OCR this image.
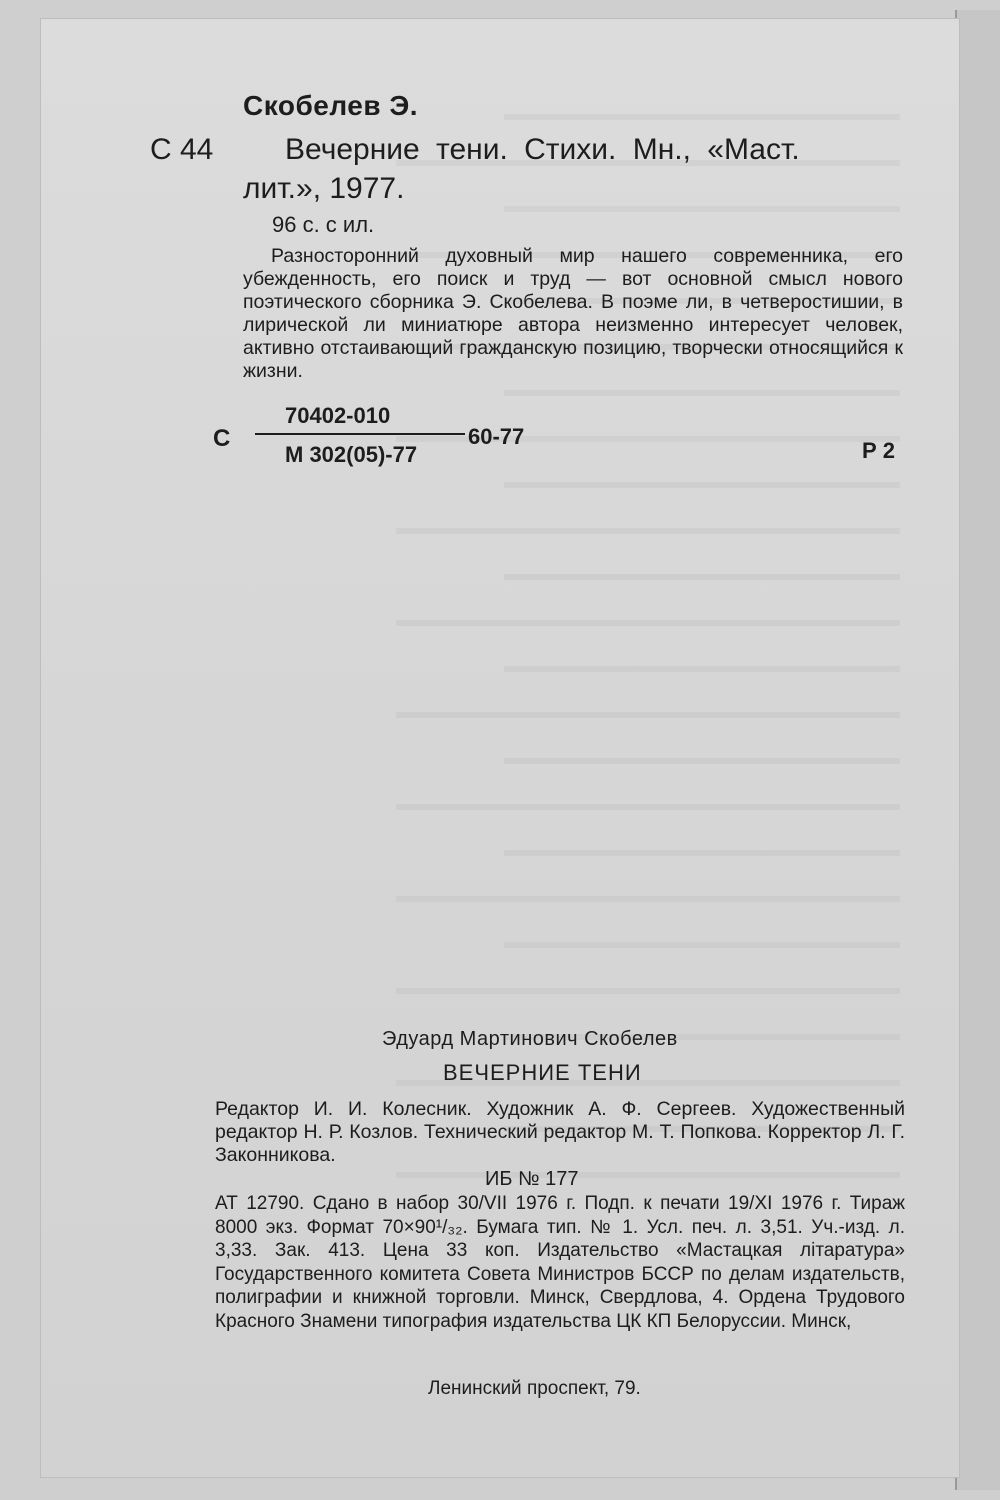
Скобелев Э.
С 44 Вечерние тени. Стихи. Мн., «Маст.
лит.», 1977.
96 с. с ил.
Разносторонний духовный мир нашего современника, его убежденность, его поиск и труд — вот основной смысл нового поэтического сборника Э. Скобелева. В поэме ли, в четверостишии, в лирической ли миниатюре автора неизменно интересует человек, активно отстаивающий гражданскую позицию, творчески относящийся к жизни.
С
70402-010
М 302(05)-77
60-77
Р 2
Эдуард Мартинович Скобелев
ВЕЧЕРНИЕ ТЕНИ
Редактор И. И. Колесник. Художник А. Ф. Сергеев. Художественный редактор Н. Р. Козлов. Технический редактор М. Т. Попкова. Корректор Л. Г. Законникова.
ИБ № 177
АТ 12790. Сдано в набор 30/VII 1976 г. Подп. к печати 19/XI 1976 г. Тираж 8000 экз. Формат 70×90¹/₃₂. Бумага тип. № 1. Усл. печ. л. 3,51. Уч.-изд. л. 3,33. Зак. 413. Цена 33 коп. Издательство «Мастацкая літаратура» Государственного комитета Совета Министров БССР по делам издательств, полиграфии и книжной торговли. Минск, Свердлова, 4. Ордена Трудового Красного Знамени типография издательства ЦК КП Белоруссии. Минск,
Ленинский проспект, 79.
